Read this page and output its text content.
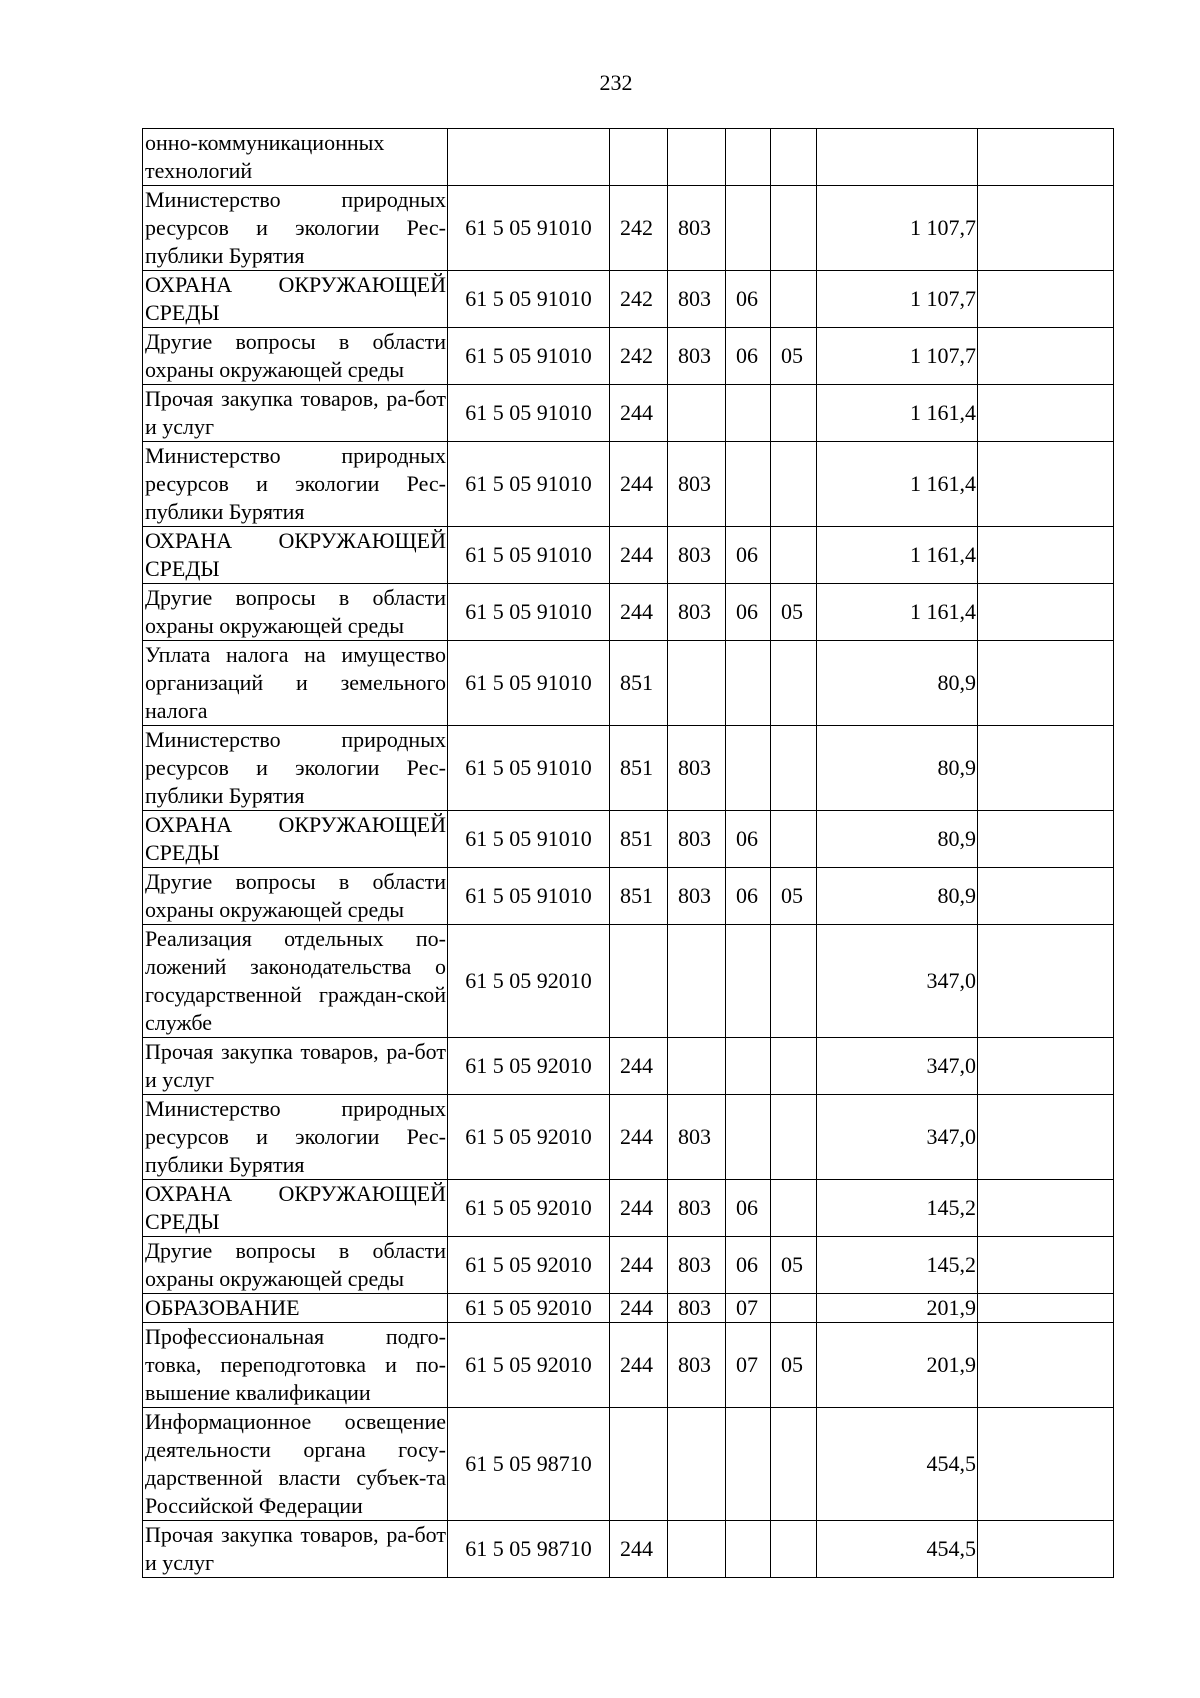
232
онно-коммуникационных технологий							
Министерство природных ресурсов и экологии Рес-публики Бурятия	61 5 05 91010	242	803			1 107,7	
ОХРАНА ОКРУЖАЮЩЕЙ СРЕДЫ	61 5 05 91010	242	803	06		1 107,7	
Другие вопросы в области охраны окружающей среды	61 5 05 91010	242	803	06	05	1 107,7	
Прочая закупка товаров, ра-бот и услуг	61 5 05 91010	244				1 161,4	
Министерство природных ресурсов и экологии Рес-публики Бурятия	61 5 05 91010	244	803			1 161,4	
ОХРАНА ОКРУЖАЮЩЕЙ СРЕДЫ	61 5 05 91010	244	803	06		1 161,4	
Другие вопросы в области охраны окружающей среды	61 5 05 91010	244	803	06	05	1 161,4	
Уплата налога на имущество организаций и земельного налога	61 5 05 91010	851				80,9	
Министерство природных ресурсов и экологии Рес-публики Бурятия	61 5 05 91010	851	803			80,9	
ОХРАНА ОКРУЖАЮЩЕЙ СРЕДЫ	61 5 05 91010	851	803	06		80,9	
Другие вопросы в области охраны окружающей среды	61 5 05 91010	851	803	06	05	80,9	
Реализация отдельных по-ложений законодательства о государственной граждан-ской службе	61 5 05 92010					347,0	
Прочая закупка товаров, ра-бот и услуг	61 5 05 92010	244				347,0	
Министерство природных ресурсов и экологии Рес-публики Бурятия	61 5 05 92010	244	803			347,0	
ОХРАНА ОКРУЖАЮЩЕЙ СРЕДЫ	61 5 05 92010	244	803	06		145,2	
Другие вопросы в области охраны окружающей среды	61 5 05 92010	244	803	06	05	145,2	
ОБРАЗОВАНИЕ	61 5 05 92010	244	803	07		201,9	
Профессиональная подго-товка, переподготовка и по-вышение квалификации	61 5 05 92010	244	803	07	05	201,9	
Информационное освещение деятельности органа госу-дарственной власти субъек-та Российской Федерации	61 5 05 98710					454,5	
Прочая закупка товаров, ра-бот и услуг	61 5 05 98710	244				454,5	
